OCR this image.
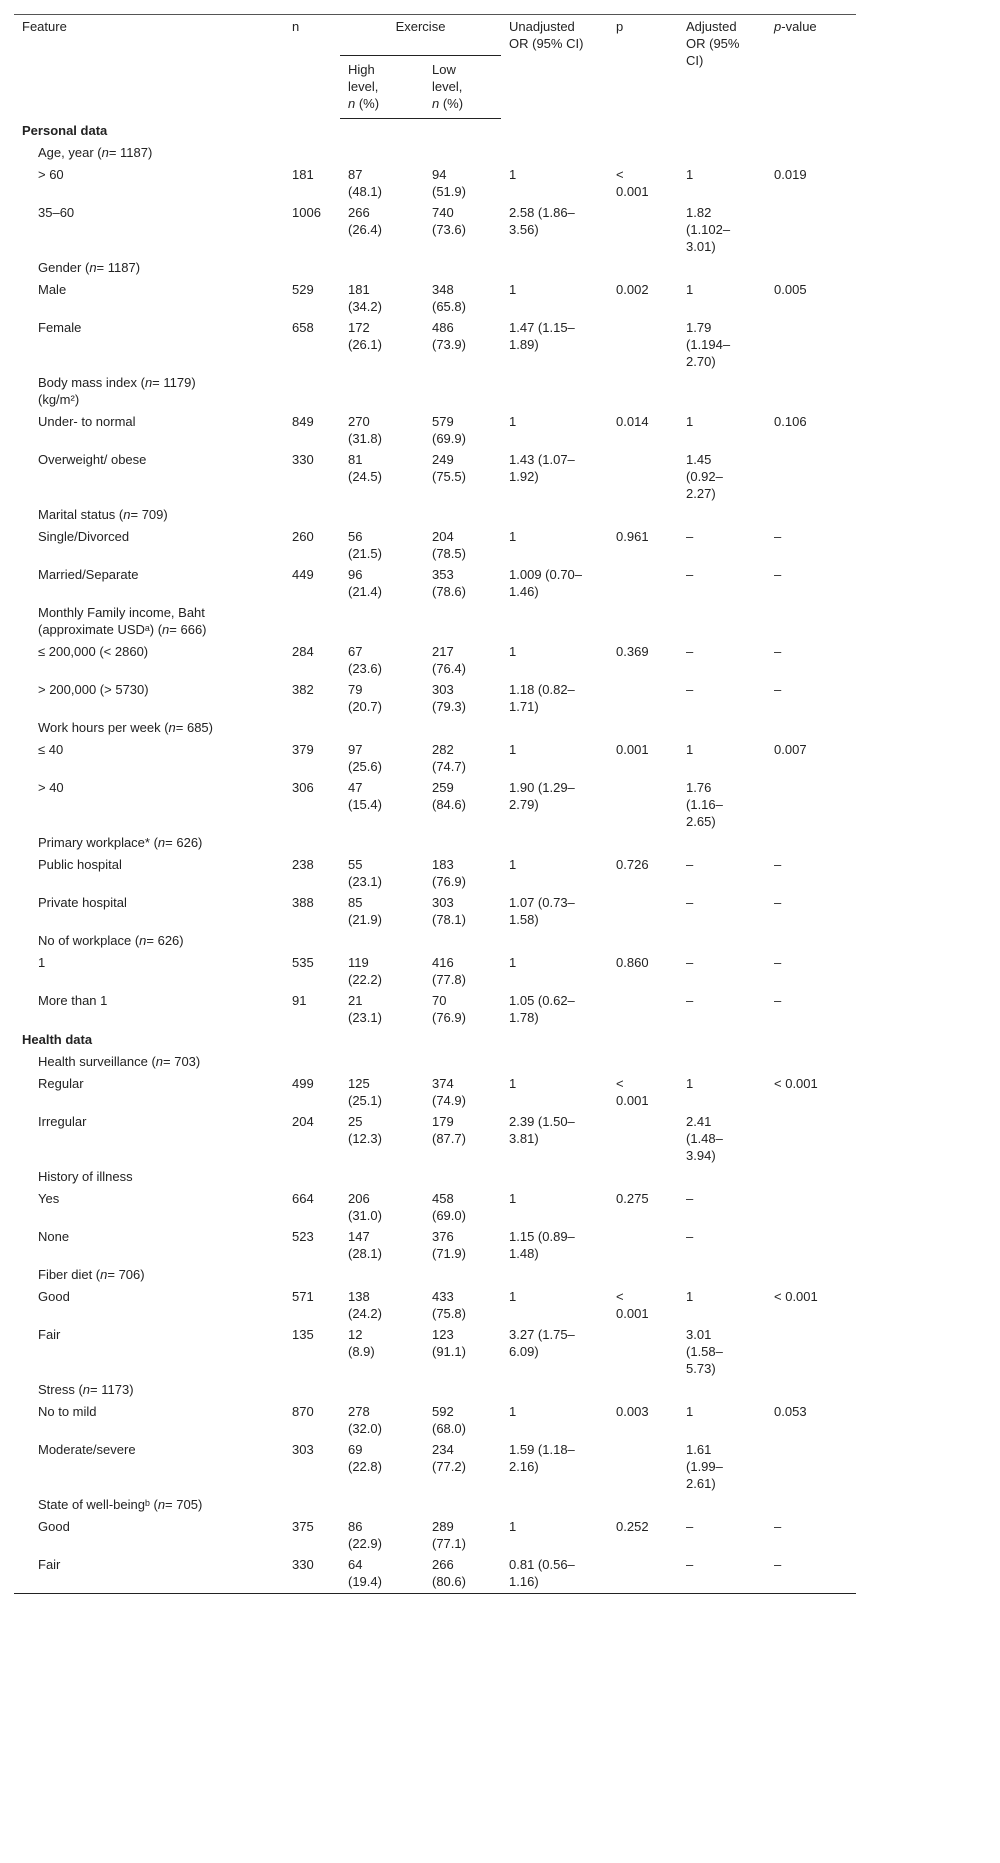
Feature	n	Exercise		Unadjusted OR (95% CI)	p	Adjusted OR (95% CI)	p-value
		High level, n (%)	Low level, n (%)				
Personal data							
Age, year (n= 1187)							
> 60	181	87 (48.1)	94 (51.9)	1	< 0.001	1	0.019
35–60	1006	266 (26.4)	740 (73.6)	2.58 (1.86–3.56)		1.82 (1.102–3.01)	
Gender (n= 1187)							
Male	529	181 (34.2)	348 (65.8)	1	0.002	1	0.005
Female	658	172 (26.1)	486 (73.9)	1.47 (1.15–1.89)		1.79 (1.194–2.70)	
Body mass index (n= 1179) (kg/m²)							
Under- to normal	849	270 (31.8)	579 (69.9)	1	0.014	1	0.106
Overweight/ obese	330	81 (24.5)	249 (75.5)	1.43 (1.07–1.92)		1.45 (0.92–2.27)	
Marital status (n= 709)							
Single/Divorced	260	56 (21.5)	204 (78.5)	1	0.961	–	–
Married/Separate	449	96 (21.4)	353 (78.6)	1.009 (0.70–1.46)		–	–
Monthly Family income, Baht (approximate USDᵃ) (n= 666)							
≤ 200,000 (< 2860)	284	67 (23.6)	217 (76.4)	1	0.369	–	–
> 200,000 (> 5730)	382	79 (20.7)	303 (79.3)	1.18 (0.82–1.71)		–	–
Work hours per week (n= 685)							
≤ 40	379	97 (25.6)	282 (74.7)	1	0.001	1	0.007
> 40	306	47 (15.4)	259 (84.6)	1.90 (1.29–2.79)		1.76 (1.16–2.65)	
Primary workplace* (n= 626)							
Public hospital	238	55 (23.1)	183 (76.9)	1	0.726	–	–
Private hospital	388	85 (21.9)	303 (78.1)	1.07 (0.73–1.58)		–	–
No of workplace (n= 626)							
1	535	119 (22.2)	416 (77.8)	1	0.860	–	–
More than 1	91	21 (23.1)	70 (76.9)	1.05 (0.62–1.78)		–	–
Health data							
Health surveillance (n= 703)							
Regular	499	125 (25.1)	374 (74.9)	1	< 0.001	1	< 0.001
Irregular	204	25 (12.3)	179 (87.7)	2.39 (1.50–3.81)		2.41 (1.48–3.94)	
History of illness							
Yes	664	206 (31.0)	458 (69.0)	1	0.275	–	
None	523	147 (28.1)	376 (71.9)	1.15 (0.89–1.48)		–	
Fiber diet (n= 706)							
Good	571	138 (24.2)	433 (75.8)	1	< 0.001	1	< 0.001
Fair	135	12 (8.9)	123 (91.1)	3.27 (1.75–6.09)		3.01 (1.58–5.73)	
Stress (n= 1173)							
No to mild	870	278 (32.0)	592 (68.0)	1	0.003	1	0.053
Moderate/severe	303	69 (22.8)	234 (77.2)	1.59 (1.18–2.16)		1.61 (1.99–2.61)	
State of well-beingᵇ (n= 705)							
Good	375	86 (22.9)	289 (77.1)	1	0.252	–	–
Fair	330	64 (19.4)	266 (80.6)	0.81 (0.56–1.16)		–	–
